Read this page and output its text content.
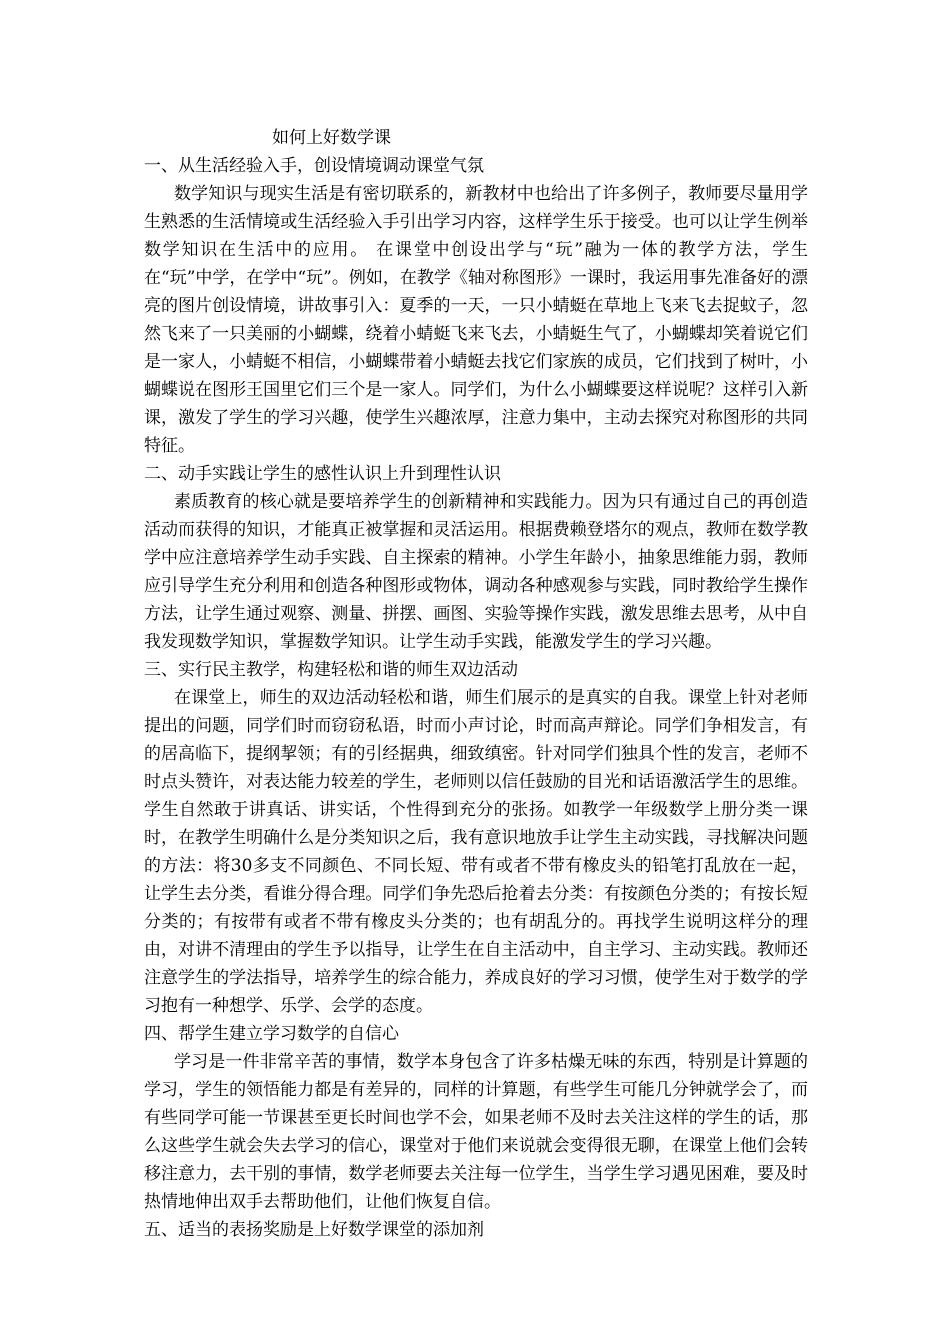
如何上好数学课
一、从生活经验入手，创设情境调动课堂气氛

数学知识与现实生活是有密切联系的，新教材中也给出了许多例子，教师要尽量用学生熟悉的生活情境或生活经验入手引出学习内容，这样学生乐于接受。也可以让学生例举数学知识在生活中的应用。 在课堂中创设出学与“玩”融为一体的教学方法，学生在“玩”中学，在学中“玩”。例如，在教学《轴对称图形》一课时，我运用事先准备好的漂亮的图片创设情境，讲故事引入：夏季的一天，一只小蜻蜓在草地上飞来飞去捉蚊子，忽然飞来了一只美丽的小蝴蝶，绕着小蜻蜓飞来飞去，小蜻蜓生气了，小蝴蝶却笑着说它们是一家人，小蜻蜓不相信，小蝴蝶带着小蜻蜓去找它们家族的成员，它们找到了树叶，小蝴蝶说在图形王国里它们三个是一家人。同学们，为什么小蝴蝶要这样说呢？这样引入新课，激发了学生的学习兴趣，使学生兴趣浓厚，注意力集中，主动去探究对称图形的共同特征。

二、动手实践让学生的感性认识上升到理性认识

素质教育的核心就是要培养学生的创新精神和实践能力。因为只有通过自己的再创造活动而获得的知识，才能真正被掌握和灵活运用。根据费赖登塔尔的观点，教师在数学教学中应注意培养学生动手实践、自主探索的精神。小学生年龄小，抽象思维能力弱，教师应引导学生充分利用和创造各种图形或物体，调动各种感观参与实践，同时教给学生操作方法，让学生通过观察、测量、拼摆、画图、实验等操作实践，激发思维去思考，从中自我发现数学知识，掌握数学知识。让学生动手实践，能激发学生的学习兴趣。

三、实行民主教学，构建轻松和谐的师生双边活动

在课堂上，师生的双边活动轻松和谐，师生们展示的是真实的自我。课堂上针对老师提出的问题，同学们时而窃窃私语，时而小声讨论，时而高声辩论。同学们争相发言，有的居高临下，提纲挈领；有的引经据典，细致缜密。针对同学们独具个性的发言，老师不时点头赞许，对表达能力较差的学生，老师则以信任鼓励的目光和话语激活学生的思维。学生自然敢于讲真话、讲实话，个性得到充分的张扬。如教学一年级数学上册分类一课时，在教学生明确什么是分类知识之后，我有意识地放手让学生主动实践，寻找解决问题的方法：将30多支不同颜色、不同长短、带有或者不带有橡皮头的铅笔打乱放在一起，让学生去分类，看谁分得合理。同学们争先恐后抢着去分类：有按颜色分类的；有按长短分类的；有按带有或者不带有橡皮头分类的；也有胡乱分的。再找学生说明这样分的理由，对讲不清理由的学生予以指导，让学生在自主活动中，自主学习、主动实践。教师还注意学生的学法指导，培养学生的综合能力，养成良好的学习习惯，使学生对于数学的学习抱有一种想学、乐学、会学的态度。

四、帮学生建立学习数学的自信心

学习是一件非常辛苦的事情，数学本身包含了许多枯燥无味的东西，特别是计算题的学习，学生的领悟能力都是有差异的，同样的计算题，有些学生可能几分钟就学会了，而有些同学可能一节课甚至更长时间也学不会，如果老师不及时去关注这样的学生的话，那么这些学生就会失去学习的信心，课堂对于他们来说就会变得很无聊，在课堂上他们会转移注意力，去干别的事情，数学老师要去关注每一位学生，当学生学习遇见困难，要及时热情地伸出双手去帮助他们，让他们恢复自信。

五、适当的表扬奖励是上好数学课堂的添加剂
